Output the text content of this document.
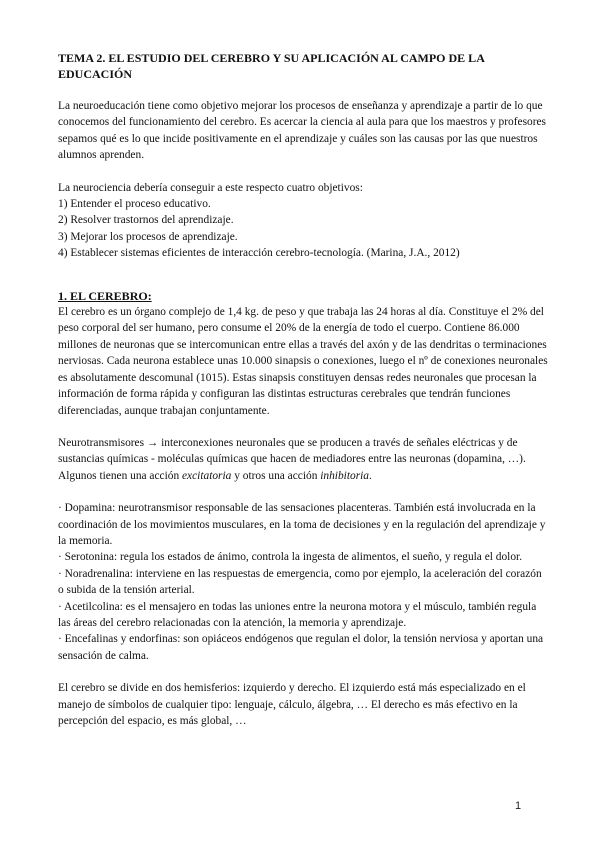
TEMA 2. EL ESTUDIO DEL CEREBRO Y SU APLICACIÓN AL CAMPO DE LA EDUCACIÓN

La neuroeducación tiene como objetivo mejorar los procesos de enseñanza y aprendizaje a partir de lo que conocemos del funcionamiento del cerebro. Es acercar la ciencia al aula para que los maestros y profesores sepamos qué es lo que incide positivamente en el aprendizaje y cuáles son las causas por las que nuestros alumnos aprenden.

La neurociencia debería conseguir a este respecto cuatro objetivos:

1) Entender el proceso educativo.

2) Resolver trastornos del aprendizaje.

3) Mejorar los procesos de aprendizaje.

4) Establecer sistemas eficientes de interacción cerebro-tecnología. (Marina, J.A., 2012)

1. EL CEREBRO:

El cerebro es un órgano complejo de 1,4 kg. de peso y que trabaja las 24 horas al día. Constituye el 2% del peso corporal del ser humano, pero consume el 20% de la energía de todo el cuerpo. Contiene 86.000 millones de neuronas que se intercomunican entre ellas a través del axón y de las dendritas o terminaciones nerviosas. Cada neurona establece unas 10.000 sinapsis o conexiones, luego el nº de conexiones neuronales es absolutamente descomunal (1015). Estas sinapsis constituyen densas redes neuronales que procesan la información de forma rápida y configuran las distintas estructuras cerebrales que tendrán funciones diferenciadas, aunque trabajan conjuntamente.

Neurotransmisores → interconexiones neuronales que se producen a través de señales eléctricas y de sustancias químicas - moléculas químicas que hacen de mediadores entre las neuronas (dopamina, …). Algunos tienen una acción excitatoria y otros una acción inhibitoria.

· Dopamina: neurotransmisor responsable de las sensaciones placenteras. También está involucrada en la coordinación de los movimientos musculares, en la toma de decisiones y en la regulación del aprendizaje y la memoria.

· Serotonina: regula los estados de ánimo, controla la ingesta de alimentos, el sueño, y regula el dolor.

· Noradrenalina: interviene en las respuestas de emergencia, como por ejemplo, la aceleración del corazón o subida de la tensión arterial.

· Acetilcolina: es el mensajero en todas las uniones entre la neurona motora y el músculo, también regula las áreas del cerebro relacionadas con la atención, la memoria y aprendizaje.

· Encefalinas y endorfinas: son opiáceos endógenos que regulan el dolor, la tensión nerviosa y aportan una sensación de calma.

El cerebro se divide en dos hemisferios: izquierdo y derecho. El izquierdo está más especializado en el manejo de símbolos de cualquier tipo: lenguaje, cálculo, álgebra, … El derecho es más efectivo en la percepción del espacio, es más global, …

1
